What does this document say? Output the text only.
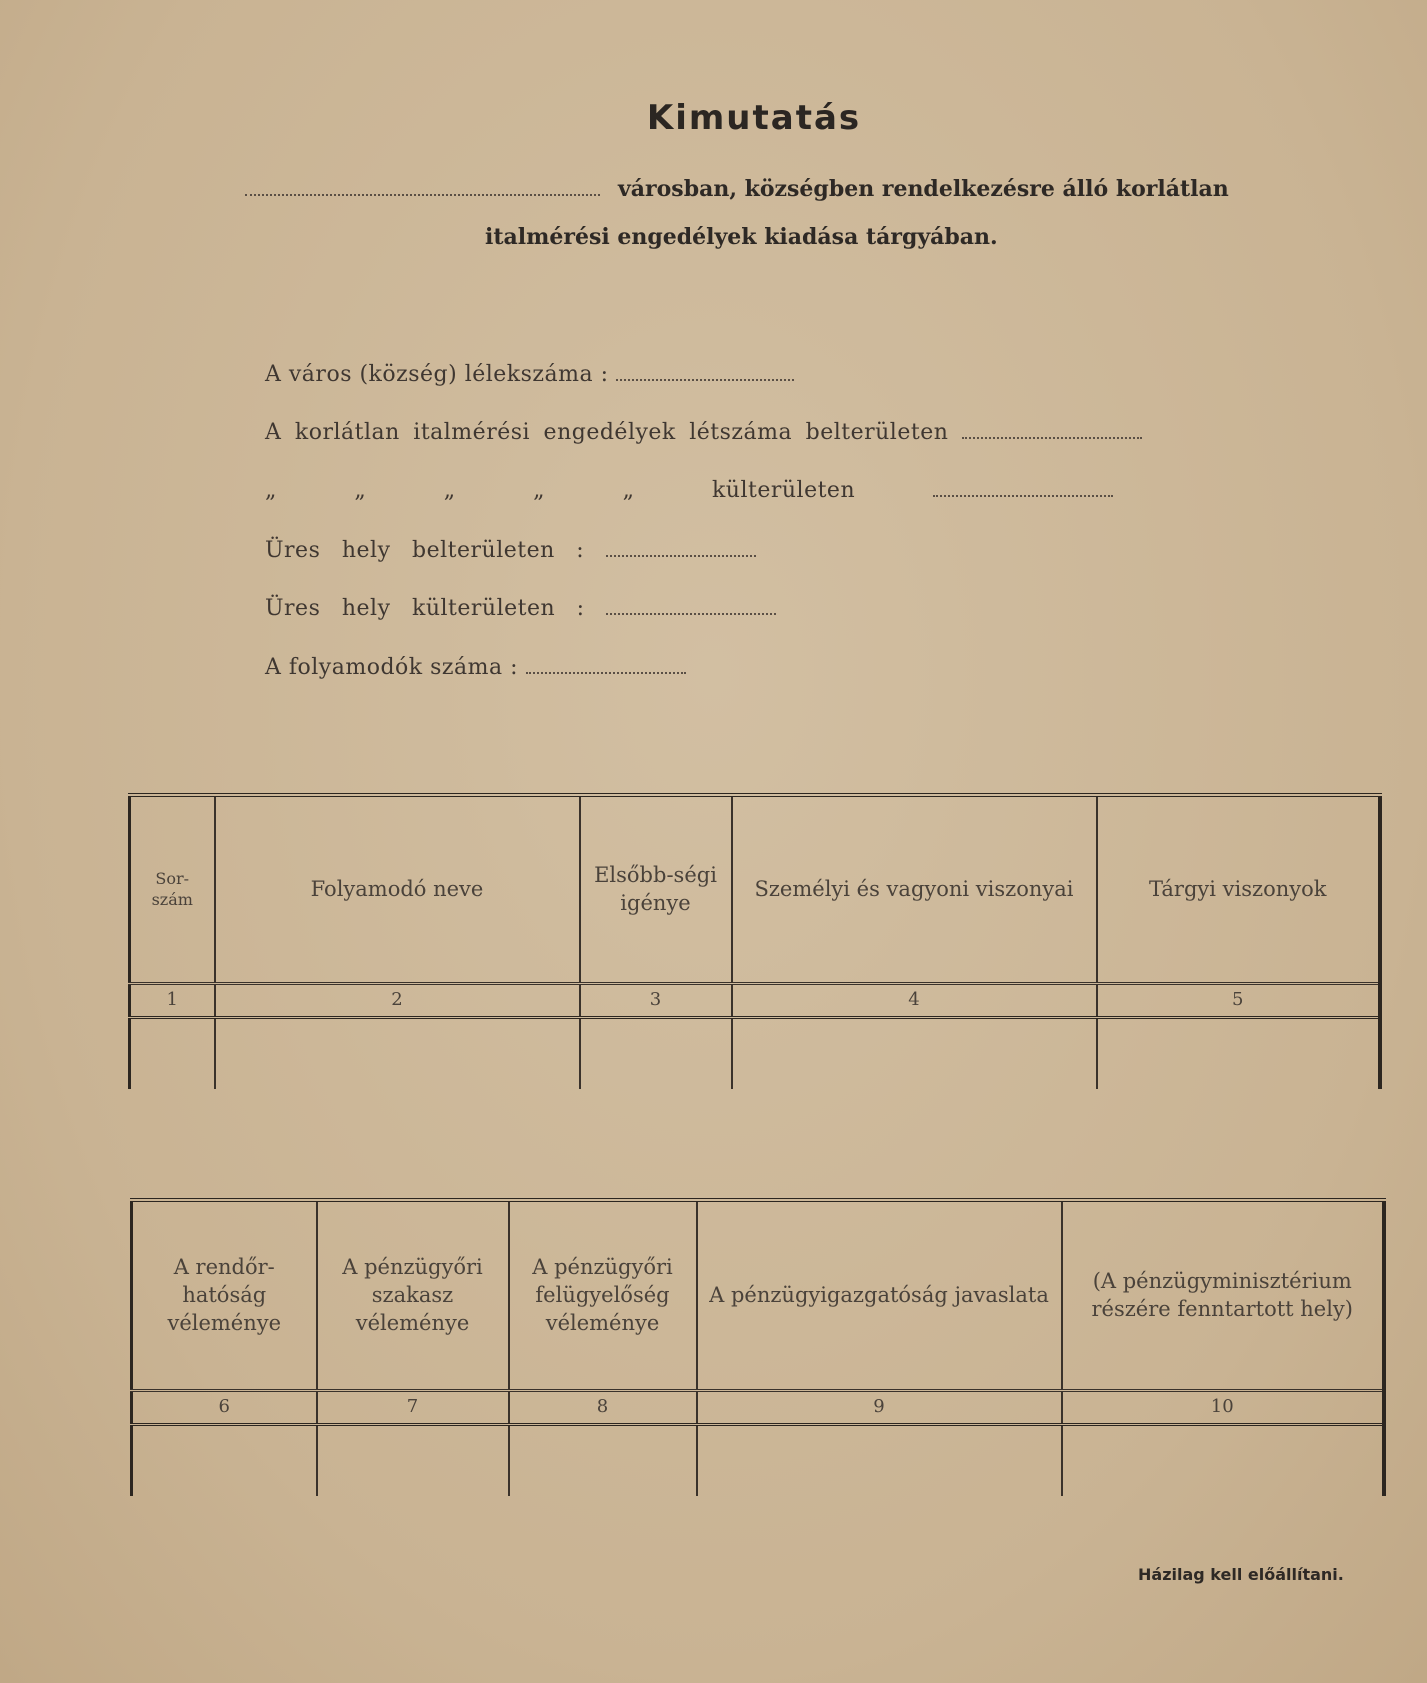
Kimutatás
városban, községben rendelkezésre álló korlátlan
italmérési engedélyek kiadása tárgyában.
A város (község) lélekszáma :
A korlátlan italmérési engedélyek létszáma belterületen
„ „ „ „ „ külterületen
Üres hely belterületen :
Üres hely külterületen :
A folyamodók száma :
Sor-szám	Folyamodó neve	Elsőbb-ségi igénye	Személyi és vagyoni viszonyai	Tárgyi viszonyok
1	2	3	4	5

A rendőr-hatóság véleménye	A pénzügyőri szakasz véleménye	A pénzügyőri felügyelőség véleménye	A pénzügyigazgatóság javaslata	(A pénzügyminisztérium részére fenntartott hely)
6	7	8	9	10

Házilag kell előállítani.
